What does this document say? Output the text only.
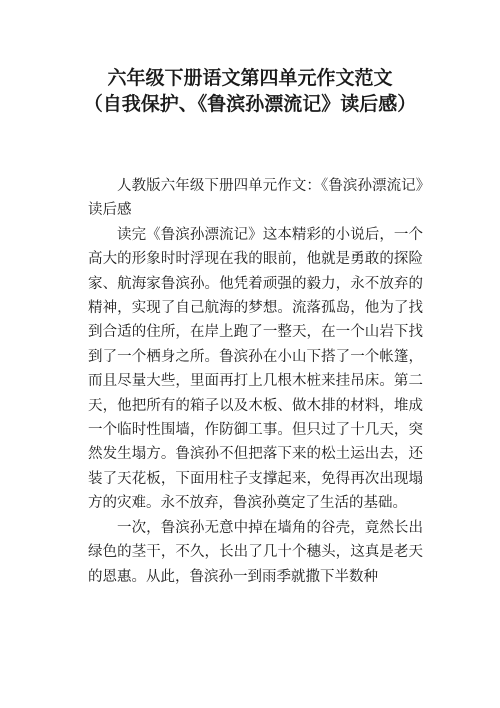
六年级下册语文第四单元作文范文
（自我保护、《鲁滨孙漂流记》读后感）

人教版六年级下册四单元作文：《鲁滨孙漂流记》读后感

读完《鲁滨孙漂流记》这本精彩的小说后，一个高大的形象时时浮现在我的眼前，他就是勇敢的探险家、航海家鲁滨孙。他凭着顽强的毅力，永不放弃的精神，实现了自己航海的梦想。流落孤岛，他为了找到合适的住所，在岸上跑了一整天，在一个山岩下找到了一个栖身之所。鲁滨孙在小山下搭了一个帐篷，而且尽量大些，里面再打上几根木桩来挂吊床。第二天，他把所有的箱子以及木板、做木排的材料，堆成一个临时性围墙，作防御工事。但只过了十几天，突然发生塌方。鲁滨孙不但把落下来的松土运出去，还装了天花板，下面用柱子支撑起来，免得再次出现塌方的灾难。永不放弃，鲁滨孙奠定了生活的基础。

一次，鲁滨孙无意中掉在墙角的谷壳，竟然长出绿色的茎干，不久，长出了几十个穗头，这真是老天的恩惠。从此，鲁滨孙一到雨季就撒下半数种
